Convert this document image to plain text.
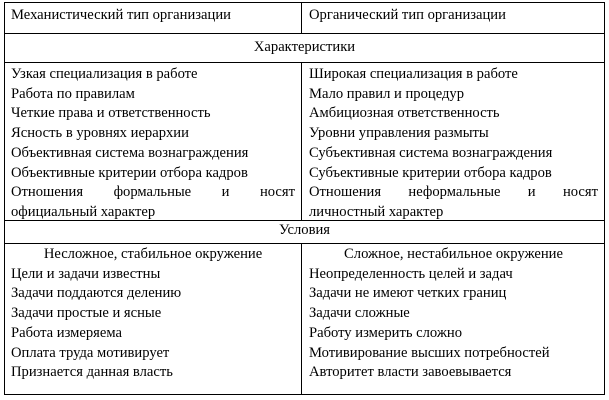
Механистический тип организации	Органический тип организации
Характеристики
Узкая специализация в работе
Работа по правилам
Четкие права и ответственность
Ясность в уровнях иерархии
Объективная система вознаграждения
Объективные критерии отбора кадров
Отношения формальные и носят
официальный характер
Широкая специализация в работе
Мало правил и процедур
Амбициозная ответственность
Уровни управления размыты
Субъективная система вознаграждения
Субъективные критерии отбора кадров
Отношения неформальные и носят
личностный характер
Условия
Несложное, стабильное окружение
Цели и задачи известны
Задачи поддаются делению
Задачи простые и ясные
Работа измеряема
Оплата труда мотивирует
Признается данная власть
Сложное, нестабильное окружение
Неопределенность целей и задач
Задачи не имеют четких границ
Задачи сложные
Работу измерить сложно
Мотивирование высших потребностей
Авторитет власти завоевывается
